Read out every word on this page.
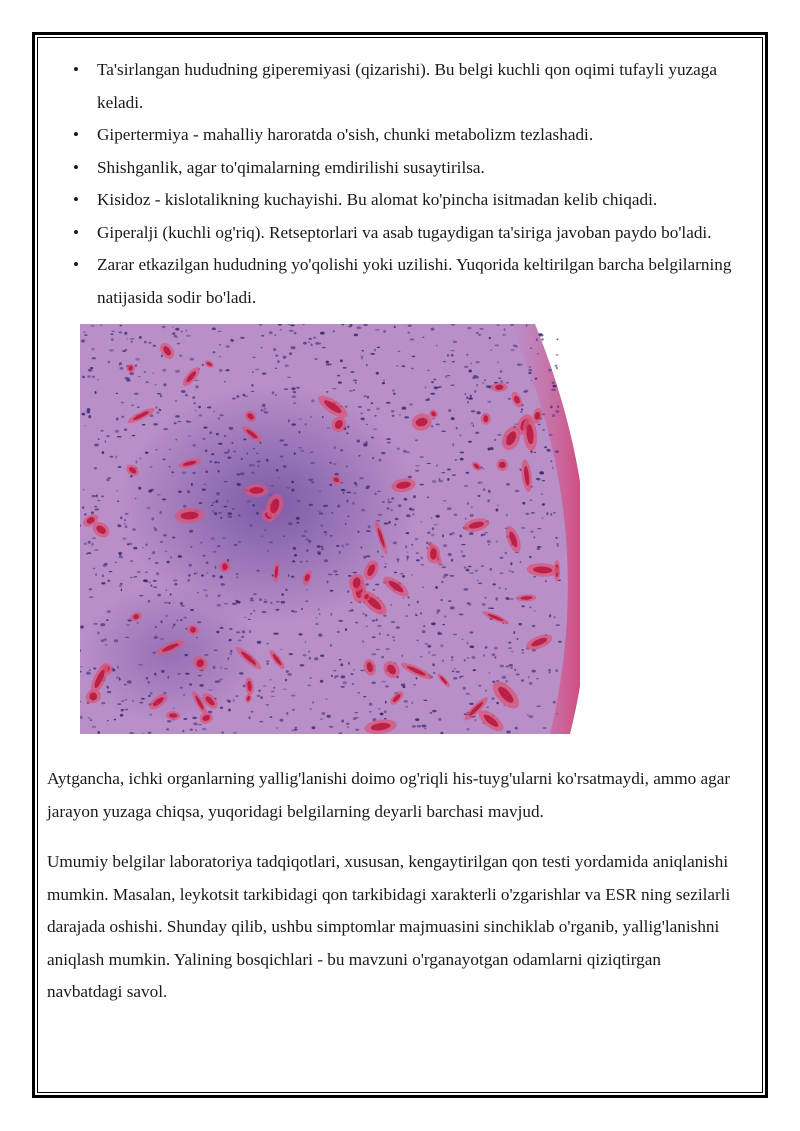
• Ta'sirlangan hududning giperemiyasi (qizarishi). Bu belgi kuchli qon oqimi tufayli yuzaga keladi.
• Gipertermiya - mahalliy haroratda o'sish, chunki metabolizm tezlashadi.
• Shishganlik, agar to'qimalarning emdirilishi susaytirilsa.
• Kisidoz - kislotalikning kuchayishi. Bu alomat ko'pincha isitmadan kelib chiqadi.
• Giperalji (kuchli og'riq). Retseptorlari va asab tugaydigan ta'siriga javoban paydo bo'ladi.
• Zarar etkazilgan hududning yo'qolishi yoki uzilishi. Yuqorida keltirilgan barcha belgilarning natijasida sodir bo'ladi.

Aytgancha, ichki organlarning yallig'lanishi doimo og'riqli his-tuyg'ularni ko'rsatmaydi, ammo agar jarayon yuzaga chiqsa, yuqoridagi belgilarning deyarli barchasi mavjud.

Umumiy belgilar laboratoriya tadqiqotlari, xususan, kengaytirilgan qon testi yordamida aniqlanishi mumkin. Masalan, leykotsit tarkibidagi qon tarkibidagi xarakterli o'zgarishlar va ESR ning sezilarli darajada oshishi. Shunday qilib, ushbu simptomlar majmuasini sinchiklab o'rganib, yallig'lanishni aniqlash mumkin. Yalining bosqichlari - bu mavzuni o'rganayotgan odamlarni qiziqtirgan navbatdagi savol.
